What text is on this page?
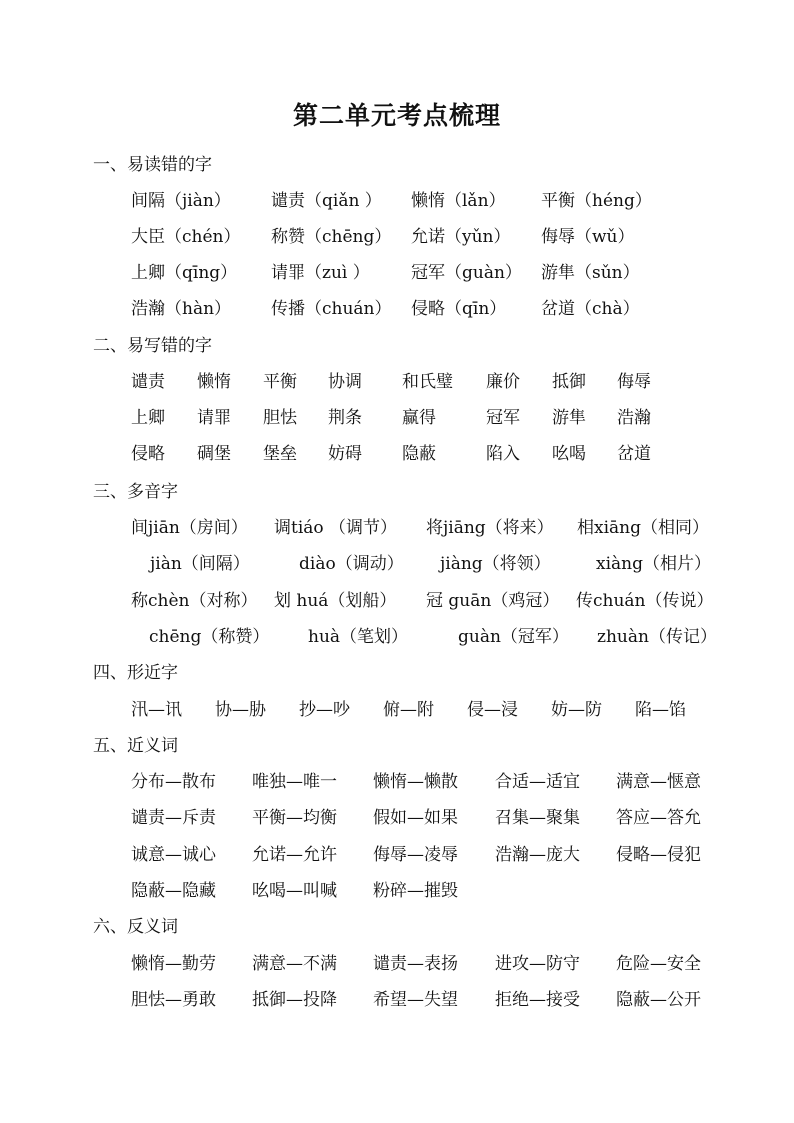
第二单元考点梳理
一、易读错的字
间隔（jiàn） 谴责（qiǎn ） 懒惰（lǎn） 平衡（héng）
大臣（chén） 称赞（chēng） 允诺（yǔn） 侮辱（wǔ）
上卿（qīng） 请罪（zuì ） 冠军（guàn） 游隼（sǔn）
浩瀚（hàn） 传播（chuán） 侵略（qīn） 岔道（chà）
二、易写错的字
谴责 懒惰 平衡 协调 和氏璧 廉价 抵御 侮辱
上卿 请罪 胆怯 荆条 赢得	冠军 游隼 浩瀚
侵略 碉堡 堡垒 妨碍 隐蔽	陷入 吆喝 岔道
三、多音字
间jiān（房间） 调tiáo （调节） 将jiāng（将来） 相xiāng（相同）
jiàn（间隔）	diào（调动） jiàng（将领）	xiàng（相片）
称chèn（对称） 划 huá（划船） 冠 guān（鸡冠） 传chuán（传说）
chēng（称赞） huà（笔划）	guàn（冠军） zhuàn（传记）
四、形近字
汛—讯 协—胁 抄—吵 俯—附 侵—浸 妨—防 陷—馅
五、近义词
分布—散布 唯独—唯一 懒惰—懒散 合适—适宜 满意—惬意
谴责—斥责 平衡—均衡 假如—如果 召集—聚集 答应—答允
诚意—诚心 允诺—允许 侮辱—凌辱 浩瀚—庞大 侵略—侵犯
隐蔽—隐藏 吆喝—叫喊 粉碎—摧毁
六、反义词
懒惰—勤劳 满意—不满 谴责—表扬 进攻—防守 危险—安全
胆怯—勇敢 抵御—投降 希望—失望 拒绝—接受 隐蔽—公开
